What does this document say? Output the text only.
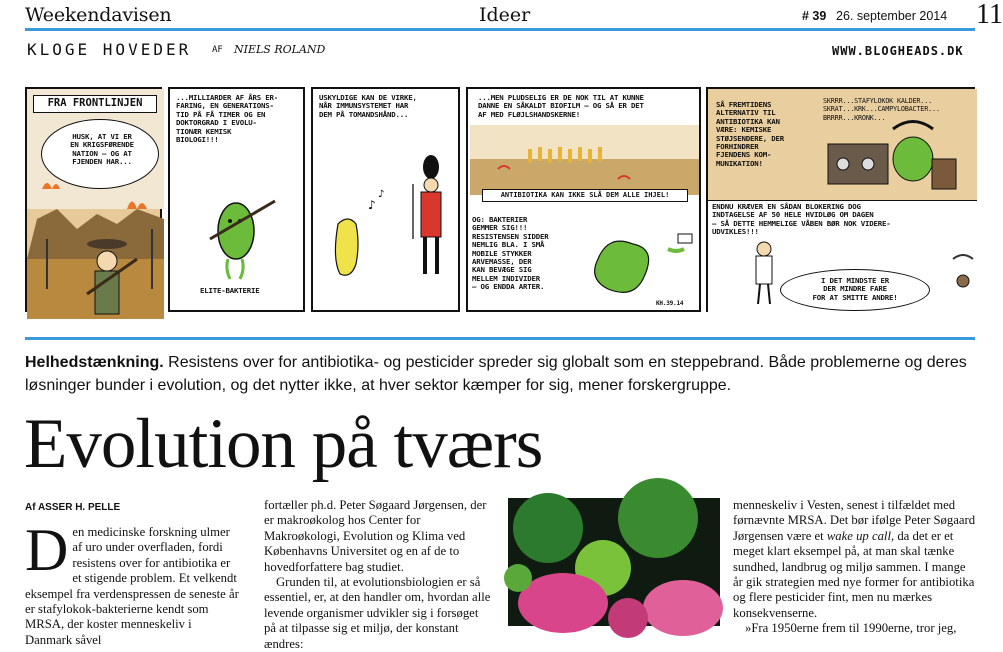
Weekendavisen	Ideer	# 39 26. september 2014 11
KLOGE HOVEDER AF NIELS ROLAND	WWW.BLOGHEADS.DK
FRA FRONTLINJEN
HUSK, AT VI ER
EN KRIGSFØRENDE
NATION – OG AT
FJENDEN HAR...
...MILLIARDER AF ÅRS ER-
FARING, EN GENERATIONS-
TID PÅ FÅ TIMER OG EN
DOKTORGRAD I EVOLU-
TIONÆR KEMISK
BIOLOGI!!!
ELITE-BAKTERIE
♪
♪
USKYLDIGE KAN DE VIRKE,
NÅR IMMUNSYSTEMET HAR
DEM PÅ TOMANDSHÅND...
...MEN PLUDSELIG ER DE NOK TIL AT KUNNE
DANNE EN SÅKALDT BIOFILM – OG SÅ ER DET
AF MED FLØJLSHANDSKERNE!
ANTIBIOTIKA KAN IKKE SLÅ DEM ALLE IHJEL!
OG: BAKTERIER
GEMMER SIG!!!
RESISTENSEN SIDDER
NEMLIG BLA. I SMÅ
MOBILE STYKKER
ARVEMASSE, DER
KAN BEVÆGE SIG
MELLEM INDIVIDER
– OG ENDDA ARTER.
KH.39.14
SÅ FREMTIDENS
ALTERNATIV TIL
ANTIBIOTIKA KAN
VÆRE: KEMISKE
STØJSENDERE, DER
FORHINDRER
FJENDENS KOM-
MUNIKATION!
SKRRR...STAFYLOKOK KALDER...
SKRAT...KRK...CAMPYLOBACTER...
BRRRR...KRONK...
ENDNU KRÆVER EN SÅDAN BLOKERING DOG
INDTAGELSE AF 50 HELE HVIDLØG OM DAGEN
– SÅ DETTE HEMMELIGE VÅBEN BØR NOK VIDERE-
UDVIKLES!!!
I DET MINDSTE ER
DER MINDRE FARE
FOR AT SMITTE ANDRE!
Helhedstænkning. Resistens over for antibiotika- og pesticider spreder sig globalt som en steppebrand. Både problemerne og deres løsninger bunder i evolution, og det nytter ikke, at hver sektor kæmper for sig, mener forskergruppe.
Evolution på tværs
Af ASSER H. PELLE
Den medicinske forskning ulmer af uro under overfladen, fordi resistens over for antibiotika er et stigende problem. Et velkendt eksempel fra verdenspressen de seneste år er stafylokok-bakterierne kendt som MRSA, der koster menneskeliv i Danmark såvel
fortæller ph.d. Peter Søgaard Jørgensen, der er makroøkolog hos Center for Makroøkologi, Evolution og Klima ved Københavns Universitet og en af de to hovedforfattere bag studiet.
Grunden til, at evolutionsbiologien er så essentiel, er, at den handler om, hvordan alle levende organismer udvikler sig i forsøget på at tilpasse sig et miljø, der konstant ændres:
menneskeliv i Vesten, senest i tilfældet med førnævnte MRSA. Det bør ifølge Peter Søgaard Jørgensen være et wake up call, da det er et meget klart eksempel på, at man skal tænke sundhed, landbrug og miljø sammen. I mange år gik strategien med nye former for antibiotika og flere pesticider fint, men nu mærkes konsekvenserne.
»Fra 1950erne frem til 1990erne, tror jeg,
